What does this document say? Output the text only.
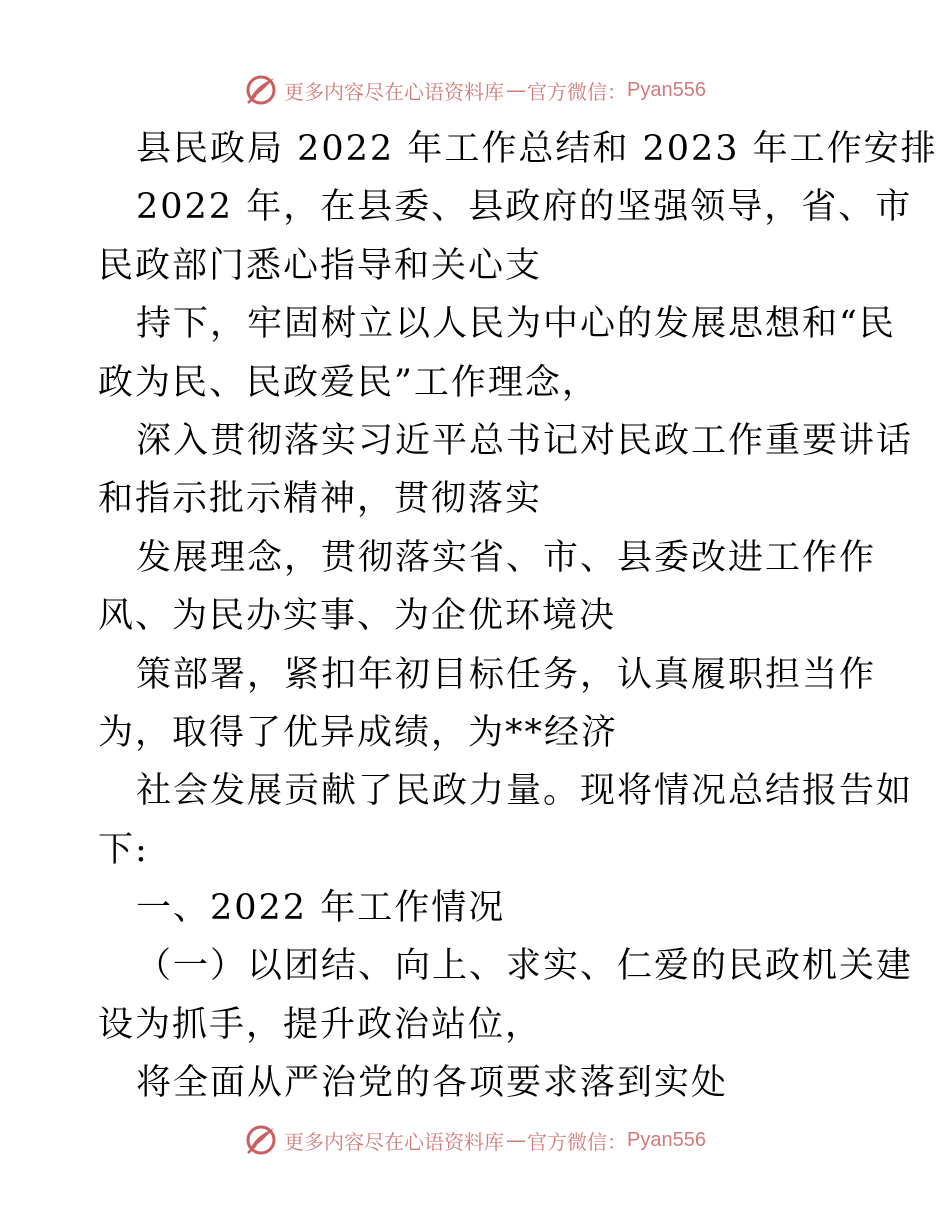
更多内容尽在心语资料库 — 官方微信： Pyan556
县民政局 2022 年工作总结和 2023 年工作安排
2022 年，在县委、县政府的坚强领导，省、市
民政部门悉心指导和关心支
持下，牢固树立以人民为中心的发展思想和“民
政为民、民政爱民”工作理念，
深入贯彻落实习近平总书记对民政工作重要讲话
和指示批示精神，贯彻落实
发展理念，贯彻落实省、市、县委改进工作作
风、为民办实事、为企优环境决
策部署，紧扣年初目标任务，认真履职担当作
为，取得了优异成绩，为**经济
社会发展贡献了民政力量。现将情况总结报告如
下:
一、2022 年工作情况
（一）以团结、向上、求实、仁爱的民政机关建
设为抓手，提升政治站位，
将全面从严治党的各项要求落到实处
更多内容尽在心语资料库 — 官方微信： Pyan556
